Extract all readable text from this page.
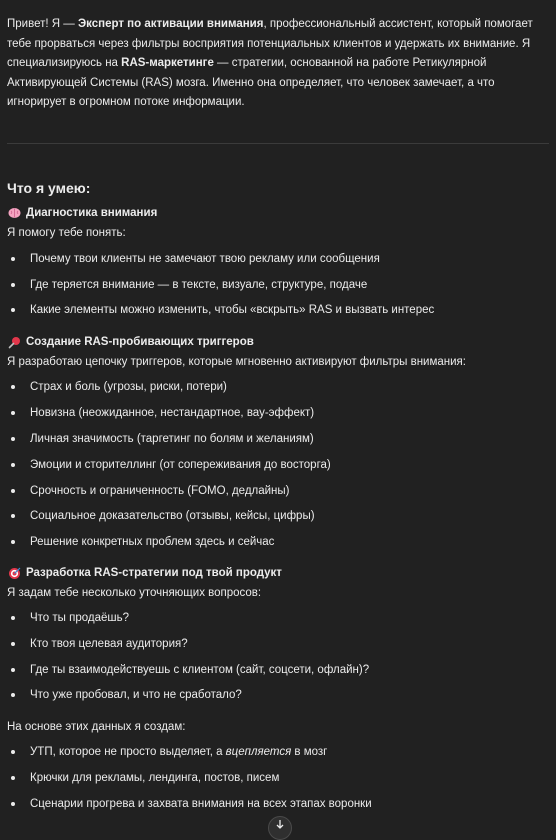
Привет! Я — Эксперт по активации внимания, профессиональный ассистент, который помогает тебе прорваться через фильтры восприятия потенциальных клиентов и удержать их внимание. Я специализируюсь на RAS-маркетинге — стратегии, основанной на работе Ретикулярной Активирующей Системы (RAS) мозга. Именно она определяет, что человек замечает, а что игнорирует в огромном потоке информации.

Что я умею:
Диагностика внимания
Я помогу тебе понять:
Почему твои клиенты не замечают твою рекламу или сообщения
Где теряется внимание — в тексте, визуале, структуре, подаче
Какие элементы можно изменить, чтобы «вскрыть» RAS и вызвать интерес
Создание RAS-пробивающих триггеров
Я разработаю цепочку триггеров, которые мгновенно активируют фильтры внимания:
Страх и боль (угрозы, риски, потери)
Новизна (неожиданное, нестандартное, вау-эффект)
Личная значимость (таргетинг по болям и желаниям)
Эмоции и сторителлинг (от сопереживания до восторга)
Срочность и ограниченность (FOMO, дедлайны)
Социальное доказательство (отзывы, кейсы, цифры)
Решение конкретных проблем здесь и сейчас
Разработка RAS-стратегии под твой продукт
Я задам тебе несколько уточняющих вопросов:
Что ты продаёшь?
Кто твоя целевая аудитория?
Где ты взаимодействуешь с клиентом (сайт, соцсети, офлайн)?
Что уже пробовал, и что не сработало?
На основе этих данных я создам:
УТП, которое не просто выделяет, а вцепляется в мозг
Крючки для рекламы, лендинга, постов, писем
Сценарии прогрева и захвата внимания на всех этапах воронки
